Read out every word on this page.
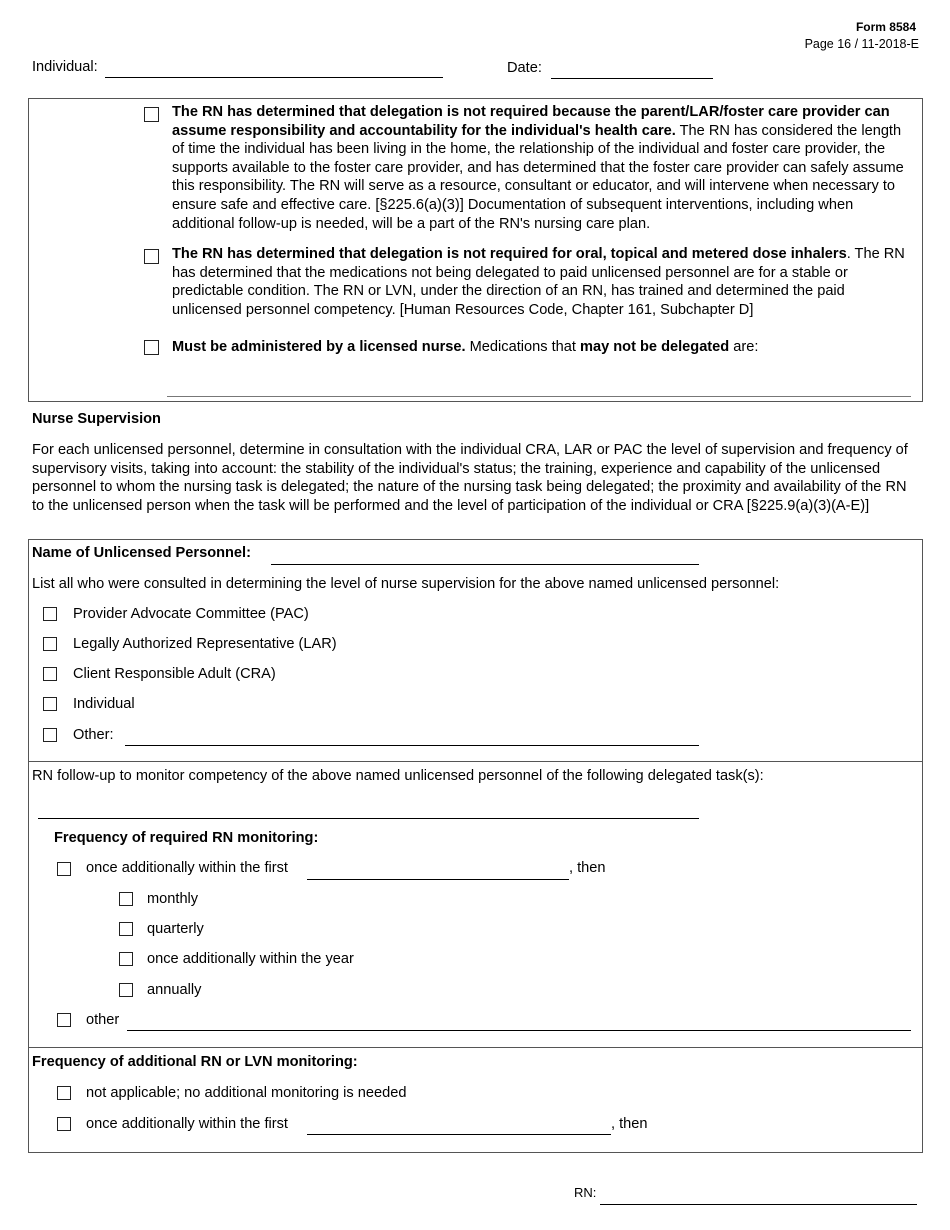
Form 8584
Page 16 / 11-2018-E
Individual:	Date:
The RN has determined that delegation is not required because the parent/LAR/foster care provider can assume responsibility and accountability for the individual's health care. The RN has considered the length of time the individual has been living in the home, the relationship of the individual and foster care provider, the supports available to the foster care provider, and has determined that the foster care provider can safely assume this responsibility. The RN will serve as a resource, consultant or educator, and will intervene when necessary to ensure safe and effective care. [§225.6(a)(3)] Documentation of subsequent interventions, including when additional follow-up is needed, will be a part of the RN's nursing care plan.
The RN has determined that delegation is not required for oral, topical and metered dose inhalers. The RN has determined that the medications not being delegated to paid unlicensed personnel are for a stable or predictable condition. The RN or LVN, under the direction of an RN, has trained and determined the paid unlicensed personnel competency. [Human Resources Code, Chapter 161, Subchapter D]
Must be administered by a licensed nurse. Medications that may not be delegated are:
Nurse Supervision
For each unlicensed personnel, determine in consultation with the individual CRA, LAR or PAC the level of supervision and frequency of supervisory visits, taking into account: the stability of the individual's status; the training, experience and capability of the unlicensed personnel to whom the nursing task is delegated; the nature of the nursing task being delegated; the proximity and availability of the RN to the unlicensed person when the task will be performed and the level of participation of the individual or CRA [§225.9(a)(3)(A-E)]
Name of Unlicensed Personnel:
List all who were consulted in determining the level of nurse supervision for the above named unlicensed personnel:
Provider Advocate Committee (PAC)
Legally Authorized Representative (LAR)
Client Responsible Adult (CRA)
Individual
Other:
RN follow-up to monitor competency of the above named unlicensed personnel of the following delegated task(s):
Frequency of required RN monitoring:
once additionally within the first	, then
monthly
quarterly
once additionally within the year
annually
other
Frequency of additional RN or LVN monitoring:
not applicable; no additional monitoring is needed
once additionally within the first	, then
RN:
